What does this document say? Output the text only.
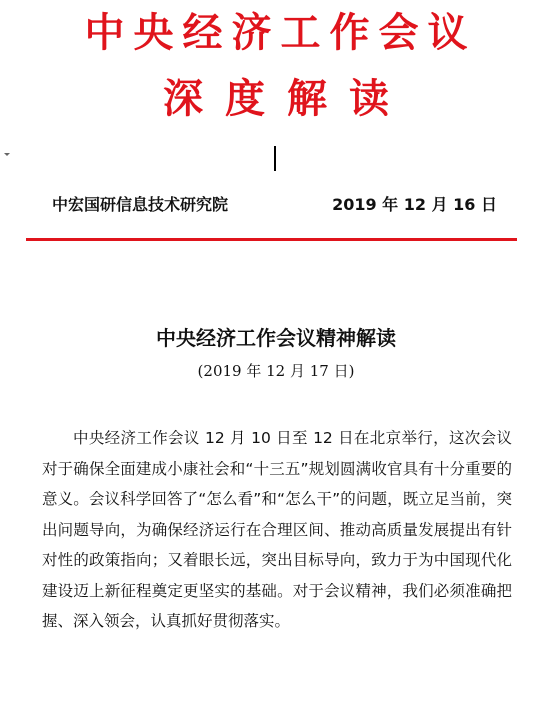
中央经济工作会议
深度解读
中宏国研信息技术研究院	2019 年 12 月 16 日
中央经济工作会议精神解读
(2019 年 12 月 17 日)

中央经济工作会议 12 月 10 日至 12 日在北京举行，这次会议对于确保全面建成小康社会和“十三五”规划圆满收官具有十分重要的意义。会议科学回答了“怎么看”和“怎么干”的问题，既立足当前，突出问题导向，为确保经济运行在合理区间、推动高质量发展提出有针对性的政策指向；又着眼长远，突出目标导向，致力于为中国现代化建设迈上新征程奠定更坚实的基础。对于会议精神，我们必须准确把握、深入领会，认真抓好贯彻落实。
